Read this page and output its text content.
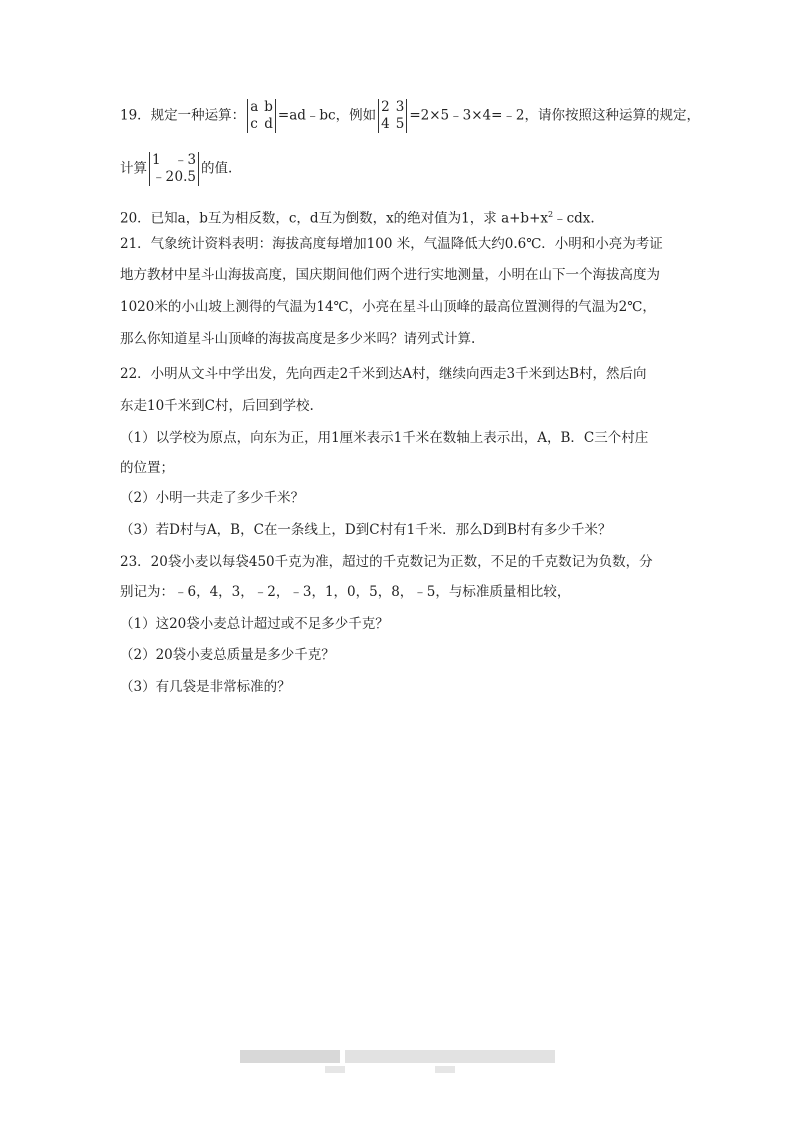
19．规定一种运算：
a b
c d
=ad﹣bc，例如
2 3
4 5
=2×5﹣3×4=﹣2，请你按照这种运算的规定，
计算
1 ﹣3
﹣2 0.5
的值.
20．已知a，b互为相反数，c，d互为倒数，x的绝对值为1，求 $a+b+x^2﹣cdx$.
21．气象统计资料表明：海拔高度每增加100 米，气温降低大约0.6℃．小明和小亮为考证
地方教材中星斗山海拔高度，国庆期间他们两个进行实地测量，小明在山下一个海拔高度为
1020米的小山坡上测得的气温为14℃，小亮在星斗山顶峰的最高位置测得的气温为2℃，
那么你知道星斗山顶峰的海拔高度是多少米吗？请列式计算.
22．小明从文斗中学出发，先向西走2千米到达A村，继续向西走3千米到达B村，然后向
东走10千米到C村，后回到学校.
（1）以学校为原点，向东为正，用1厘米表示1千米在数轴上表示出，A，B．C三个村庄
的位置；
（2）小明一共走了多少千米？
（3）若D村与A，B，C在一条线上，D到C村有1千米．那么D到B村有多少千米？
23．20袋小麦以每袋450千克为准，超过的千克数记为正数，不足的千克数记为负数，分
别记为：﹣6，4，3，﹣2，﹣3，1，0，5，8，﹣5，与标准质量相比较，
（1）这20袋小麦总计超过或不足多少千克？
（2）20袋小麦总质量是多少千克？
（3）有几袋是非常标准的？
